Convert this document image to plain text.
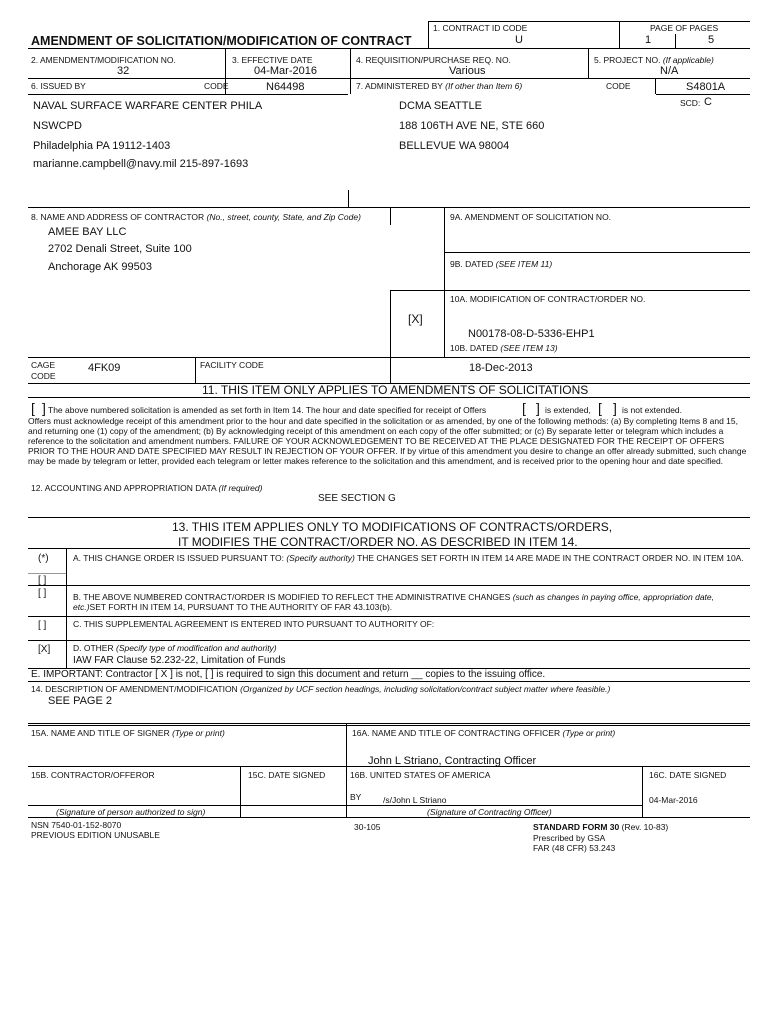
1. CONTRACT ID CODE
U
PAGE OF PAGES
1	5
AMENDMENT OF SOLICITATION/MODIFICATION OF CONTRACT
2. AMENDMENT/MODIFICATION NO.
32
3. EFFECTIVE DATE
04-Mar-2016
4. REQUISITION/PURCHASE REQ. NO.
Various
5. PROJECT NO. (If applicable)
N/A
6. ISSUED BY	CODE	N64498	7. ADMINISTERED BY (If other than Item 6)	CODE	S4801A
SCD: C
NAVAL SURFACE WARFARE CENTER PHILA
NSWCPD
Philadelphia PA 19112-1403
marianne.campbell@navy.mil 215-897-1693
DCMA SEATTLE
188 106TH AVE NE, STE 660
BELLEVUE WA 98004
8. NAME AND ADDRESS OF CONTRACTOR (No., street, county, State, and Zip Code)
AMEE BAY LLC
2702 Denali Street, Suite 100
Anchorage AK 99503
9A. AMENDMENT OF SOLICITATION NO.
9B. DATED (SEE ITEM 11)
10A. MODIFICATION OF CONTRACT/ORDER NO.
[X]
N00178-08-D-5336-EHP1
10B. DATED (SEE ITEM 13)
18-Dec-2013
CAGE
CODE
4FK09	FACILITY CODE
11. THIS ITEM ONLY APPLIES TO AMENDMENTS OF SOLICITATIONS
[ ] The above numbered solicitation is amended as set forth in Item 14. The hour and date specified for receipt of Offers	[ ] is extended, [ ] is not extended.
Offers must acknowledge receipt of this amendment prior to the hour and date specified in the solicitation or as amended, by one of the following methods: (a) By completing Items 8 and 15, and returning one (1) copy of the amendment; (b) By acknowledging receipt of this amendment on each copy of the offer submitted; or (c) By separate letter or telegram which includes a reference to the solicitation and amendment numbers. FAILURE OF YOUR ACKNOWLEDGEMENT TO BE RECEIVED AT THE PLACE DESIGNATED FOR THE RECEIPT OF OFFERS PRIOR TO THE HOUR AND DATE SPECIFIED MAY RESULT IN REJECTION OF YOUR OFFER. If by virtue of this amendment you desire to change an offer already submitted, such change may be made by telegram or letter, provided each telegram or letter makes reference to the solicitation and this amendment, and is received prior to the opening hour and date specified.
12. ACCOUNTING AND APPROPRIATION DATA (If required)
SEE SECTION G
13. THIS ITEM APPLIES ONLY TO MODIFICATIONS OF CONTRACTS/ORDERS,
IT MODIFIES THE CONTRACT/ORDER NO. AS DESCRIBED IN ITEM 14.
(*)	A. THIS CHANGE ORDER IS ISSUED PURSUANT TO: (Specify authority) THE CHANGES SET FORTH IN ITEM 14 ARE MADE IN THE CONTRACT ORDER NO. IN ITEM 10A.
[ ]
[ ]	B. THE ABOVE NUMBERED CONTRACT/ORDER IS MODIFIED TO REFLECT THE ADMINISTRATIVE CHANGES (such as changes in paying office, appropriation date, etc.)SET FORTH IN ITEM 14, PURSUANT TO THE AUTHORITY OF FAR 43.103(b).
[ ]	C. THIS SUPPLEMENTAL AGREEMENT IS ENTERED INTO PURSUANT TO AUTHORITY OF:
[X]	D. OTHER (Specify type of modification and authority)
IAW FAR Clause 52.232-22, Limitation of Funds
E. IMPORTANT: Contractor [ X ] is not, [ ] is required to sign this document and return __ copies to the issuing office.
14. DESCRIPTION OF AMENDMENT/MODIFICATION (Organized by UCF section headings, including solicitation/contract subject matter where feasible.)
SEE PAGE 2
15A. NAME AND TITLE OF SIGNER (Type or print)	16A. NAME AND TITLE OF CONTRACTING OFFICER (Type or print)
John L Striano, Contracting Officer
15B. CONTRACTOR/OFFEROR	15C. DATE SIGNED	16B. UNITED STATES OF AMERICA	16C. DATE SIGNED
BY	/s/John L Striano	04-Mar-2016
(Signature of person authorized to sign)	(Signature of Contracting Officer)
NSN 7540-01-152-8070
PREVIOUS EDITION UNUSABLE
30-105	STANDARD FORM 30 (Rev. 10-83)
Prescribed by GSA
FAR (48 CFR) 53.243
